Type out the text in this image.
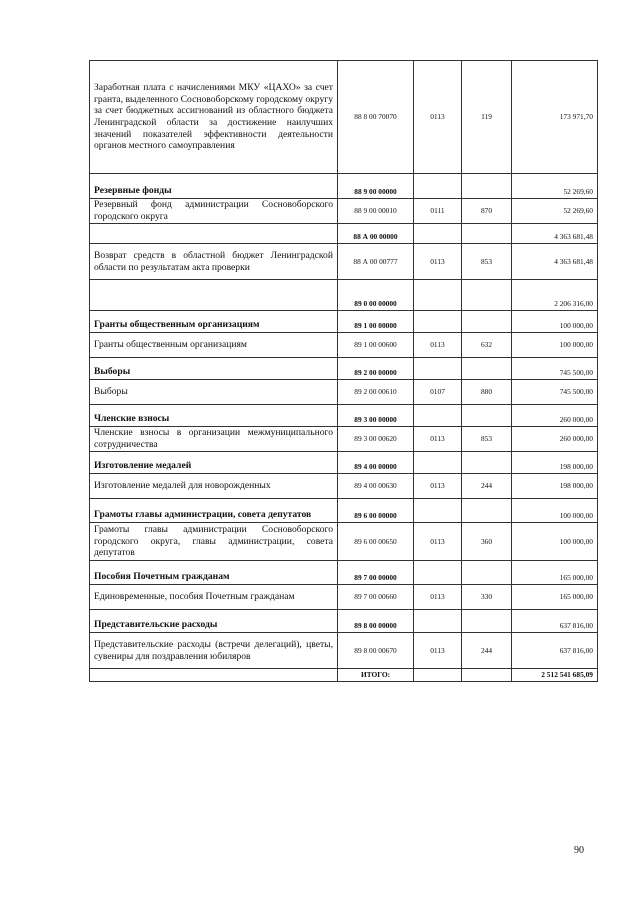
Заработная плата с начислениями МКУ «ЦАХО» за счет гранта, выделенного Сосновоборскому городскому округу за счет бюджетных ассигнований из областного бюджета Ленинградской области за достижение наилучших значений показателей эффективности деятельности органов местного самоуправления	88 8 00 70070	0113	119	173 971,70
Резервные фонды	88 9 00 00000			52 269,60
Резервный фонд администрации Сосновоборского городского округа	88 9 00 00010	0111	870	52 269,60
	88 А 00 00000			4 363 681,48
Возврат средств в областной бюджет Ленинградской области по результатам акта проверки	88 А 00 00777	0113	853	4 363 681,48
	89 0 00 00000			2 206 316,00
Гранты общественным организациям	89 1 00 00000			100 000,00
Гранты общественным организациям	89 1 00 00600	0113	632	100 000,00
Выборы	89 2 00 00000			745 500,00
Выборы	89 2 00 00610	0107	880	745 500,00
Членские взносы	89 3 00 00000			260 000,00
Членские взносы в организации межмуниципального сотрудничества	89 3 00 00620	0113	853	260 000,00
Изготовление медалей	89 4 00 00000			198 000,00
Изготовление медалей для новорожденных	89 4 00 00630	0113	244	198 000,00
Грамоты главы администрации, совета депутатов	89 6 00 00000			100 000,00
Грамоты главы администрации Сосновоборского городского округа, главы администрации, совета депутатов	89 6 00 00650	0113	360	100 000,00
Пособия Почетным гражданам	89 7 00 00000			165 000,00
Единовременные, пособия Почетным гражданам	89 7 00 00660	0113	330	165 000,00
Представительские расходы	89 8 00 00000			637 816,00
Представительские расходы (встречи делегаций), цветы, сувениры для поздравления юбиляров	89 8 00 00670	0113	244	637 816,00
	ИТОГО:			2 512 541 685,09
90
